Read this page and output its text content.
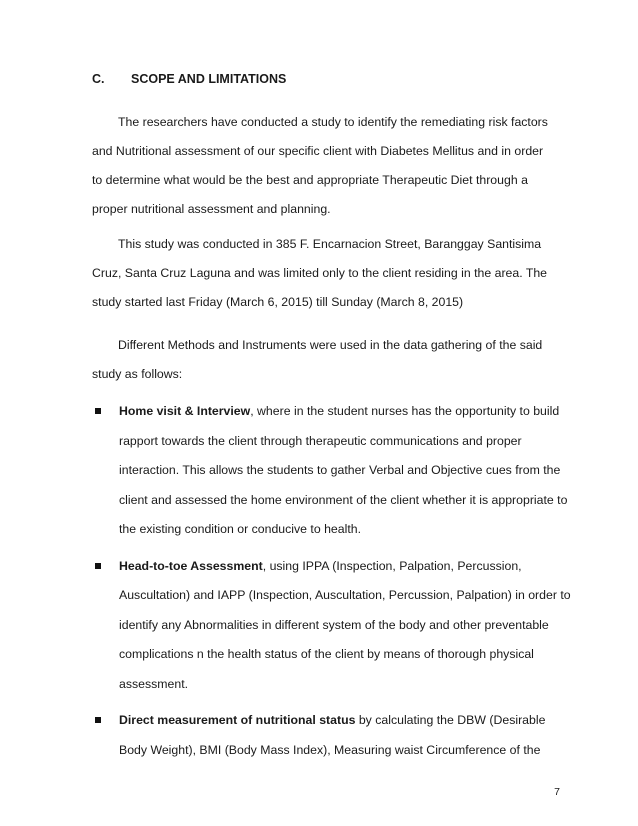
C. SCOPE AND LIMITATIONS

The researchers have conducted a study to identify the remediating risk factors and Nutritional assessment of our specific client with Diabetes Mellitus and in order to determine what would be the best and appropriate Therapeutic Diet through a proper nutritional assessment and planning.

This study was conducted in 385 F. Encarnacion Street, Baranggay Santisima Cruz, Santa Cruz Laguna and was limited only to the client residing in the area. The study started last Friday (March 6, 2015) till Sunday (March 8, 2015)

Different Methods and Instruments were used in the data gathering of the said study as follows:

Home visit & Interview, where in the student nurses has the opportunity to build rapport towards the client through therapeutic communications and proper interaction. This allows the students to gather Verbal and Objective cues from the client and assessed the home environment of the client whether it is appropriate to the existing condition or conducive to health.
Head-to-toe Assessment, using IPPA (Inspection, Palpation, Percussion, Auscultation) and IAPP (Inspection, Auscultation, Percussion, Palpation) in order to identify any Abnormalities in different system of the body and other preventable complications n the health status of the client by means of thorough physical assessment.
Direct measurement of nutritional status by calculating the DBW (Desirable Body Weight), BMI (Body Mass Index), Measuring waist Circumference of the
7
